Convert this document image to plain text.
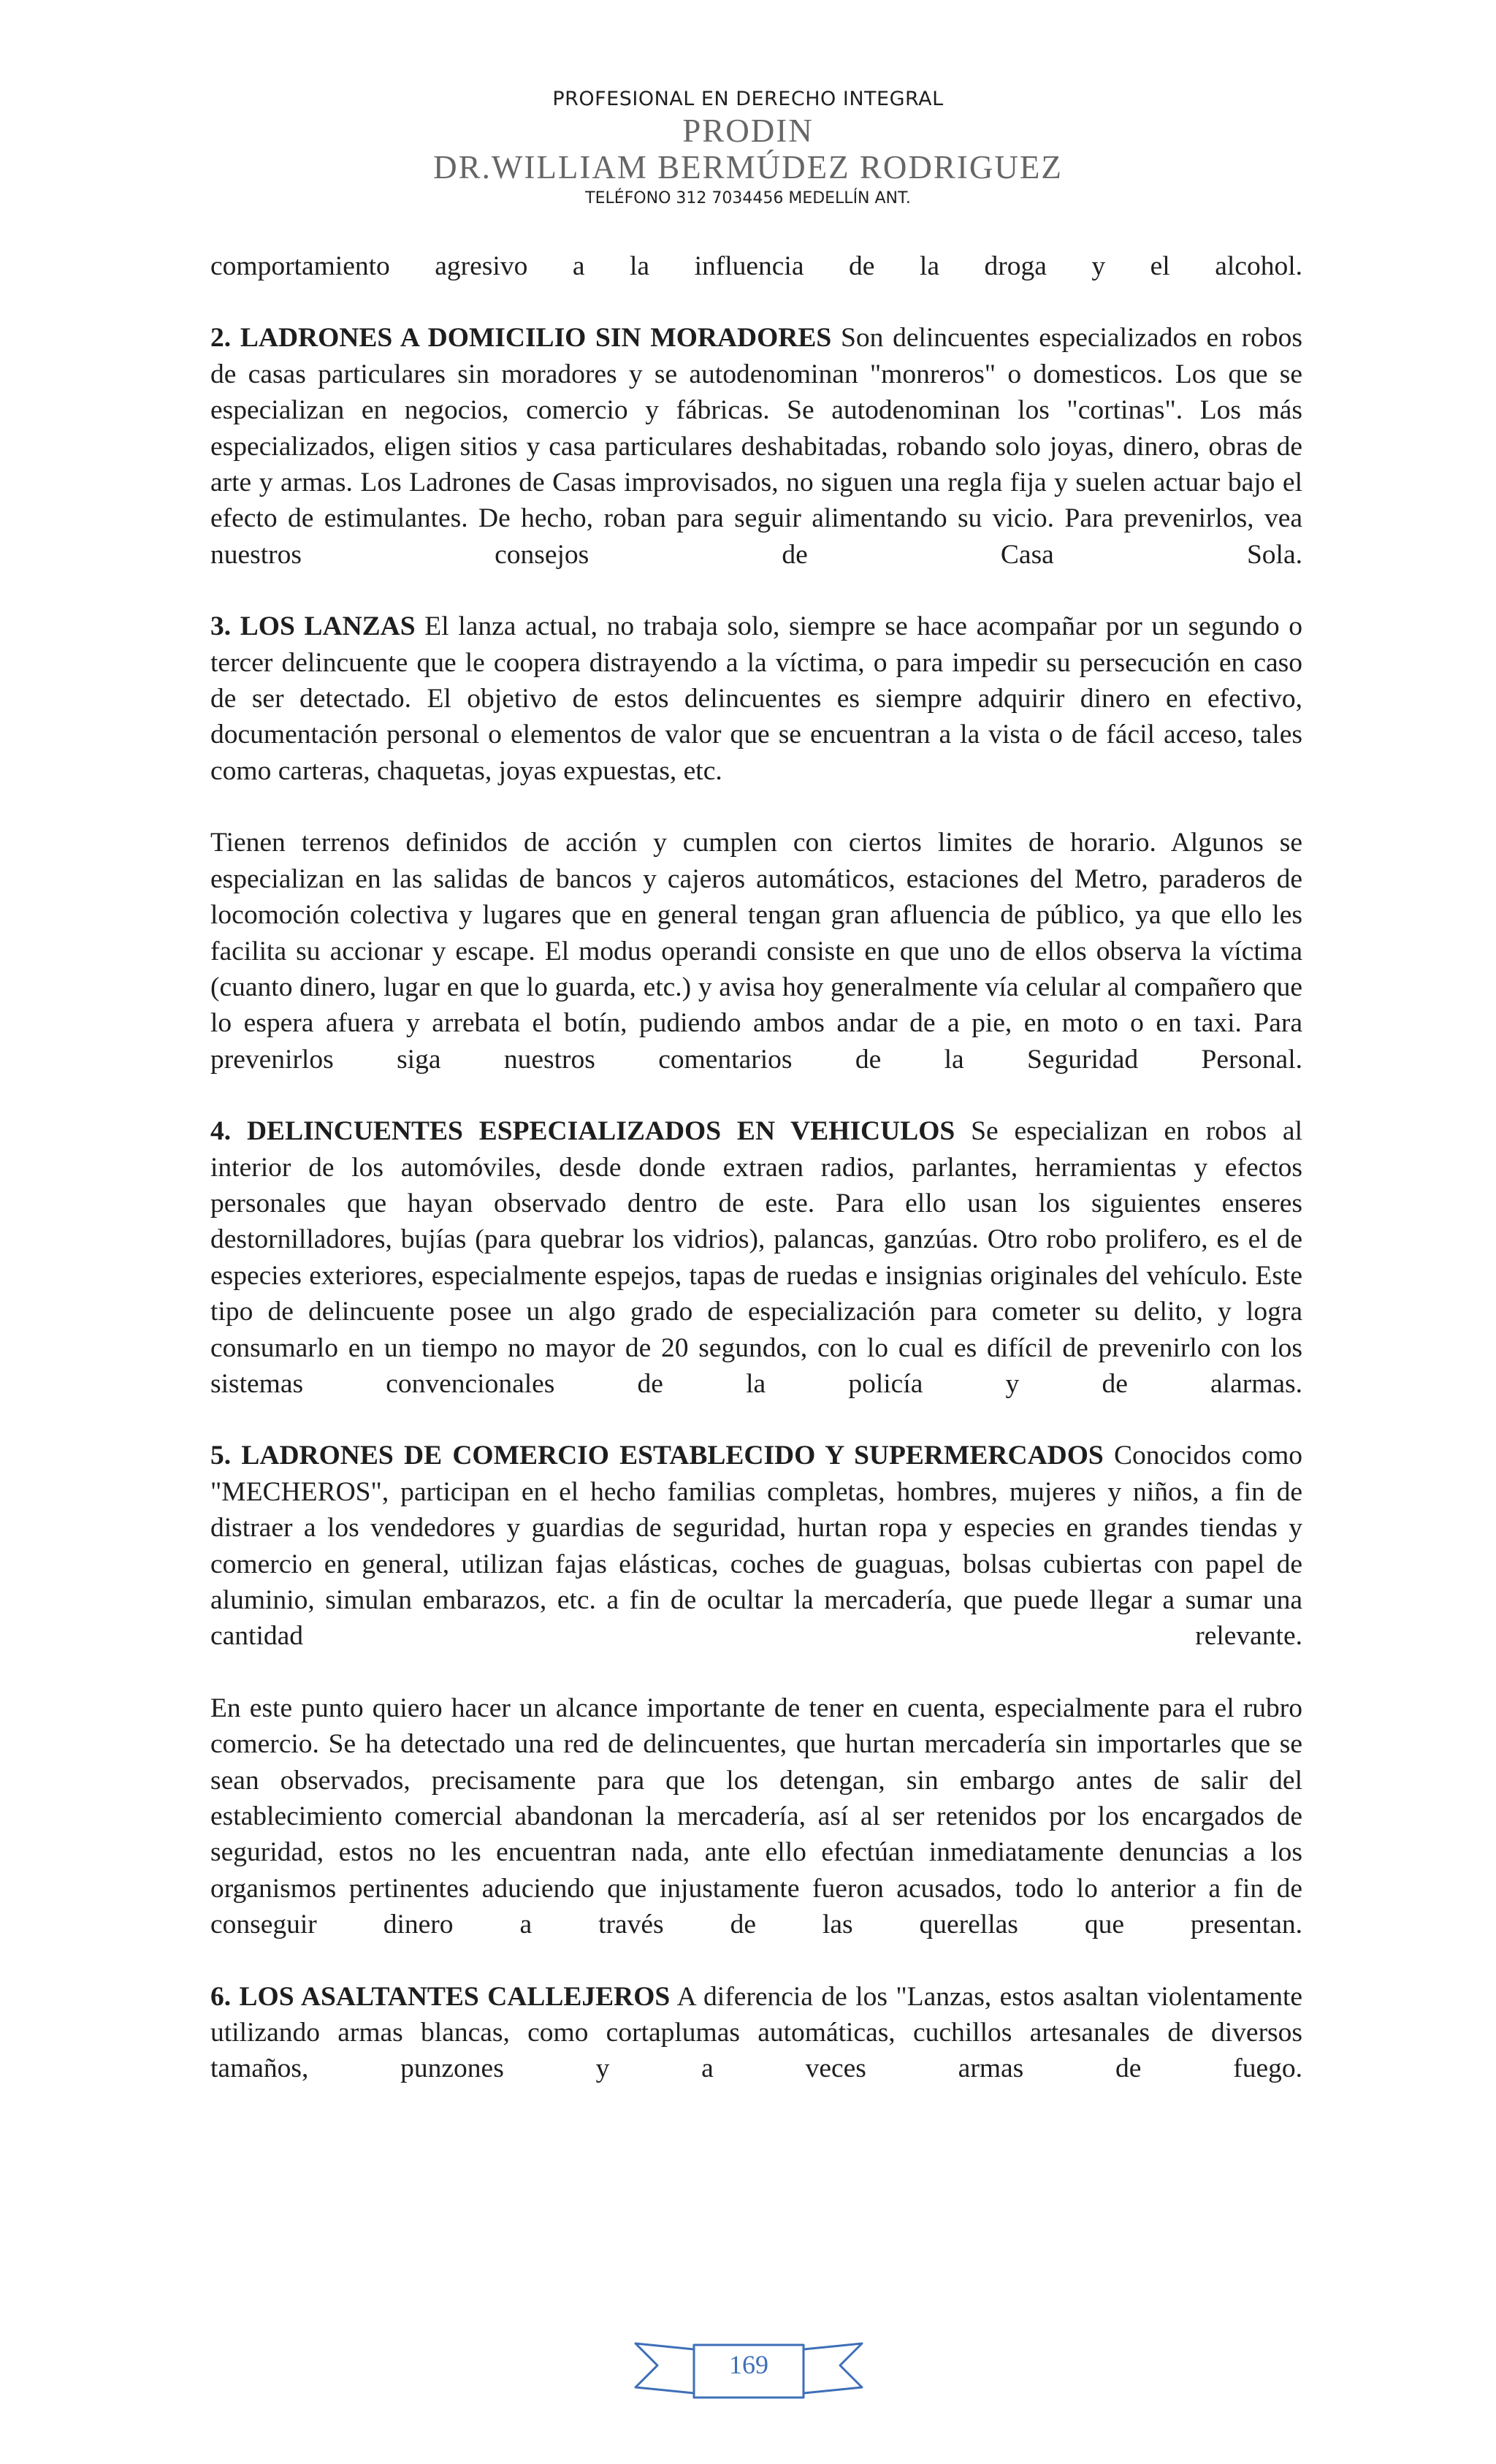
PROFESIONAL EN DERECHO INTEGRAL
PRODIN
DR.WILLIAM BERMÚDEZ RODRIGUEZ
TELÉFONO 312 7034456 MEDELLÍN ANT.

comportamiento agresivo a la influencia de la droga y el alcohol.

2. LADRONES A DOMICILIO SIN MORADORES Son delincuentes especializados en robos de casas particulares sin moradores y se autodenominan "monreros" o domesticos. Los que se especializan en negocios, comercio y fábricas. Se autodenominan los "cortinas". Los más especializados, eligen sitios y casa particulares deshabitadas, robando solo joyas, dinero, obras de arte y armas. Los Ladrones de Casas improvisados, no siguen una regla fija y suelen actuar bajo el efecto de estimulantes. De hecho, roban para seguir alimentando su vicio. Para prevenirlos, vea nuestros consejos de Casa Sola.

3. LOS LANZAS El lanza actual, no trabaja solo, siempre se hace acompañar por un segundo o tercer delincuente que le coopera distrayendo a la víctima, o para impedir su persecución en caso de ser detectado. El objetivo de estos delincuentes es siempre adquirir dinero en efectivo, documentación personal o elementos de valor que se encuentran a la vista o de fácil acceso, tales como carteras, chaquetas, joyas expuestas, etc.

Tienen terrenos definidos de acción y cumplen con ciertos limites de horario. Algunos se especializan en las salidas de bancos y cajeros automáticos, estaciones del Metro, paraderos de locomoción colectiva y lugares que en general tengan gran afluencia de público, ya que ello les facilita su accionar y escape. El modus operandi consiste en que uno de ellos observa la víctima (cuanto dinero, lugar en que lo guarda, etc.) y avisa hoy generalmente vía celular al compañero que lo espera afuera y arrebata el botín, pudiendo ambos andar de a pie, en moto o en taxi. Para prevenirlos siga nuestros comentarios de la Seguridad Personal.

4. DELINCUENTES ESPECIALIZADOS EN VEHICULOS Se especializan en robos al interior de los automóviles, desde donde extraen radios, parlantes, herramientas y efectos personales que hayan observado dentro de este. Para ello usan los siguientes enseres destornilladores, bujías (para quebrar los vidrios), palancas, ganzúas. Otro robo prolifero, es el de especies exteriores, especialmente espejos, tapas de ruedas e insignias originales del vehículo. Este tipo de delincuente posee un algo grado de especialización para cometer su delito, y logra consumarlo en un tiempo no mayor de 20 segundos, con lo cual es difícil de prevenirlo con los sistemas convencionales de la policía y de alarmas.

5. LADRONES DE COMERCIO ESTABLECIDO Y SUPERMERCADOS Conocidos como "MECHEROS", participan en el hecho familias completas, hombres, mujeres y niños, a fin de distraer a los vendedores y guardias de seguridad, hurtan ropa y especies en grandes tiendas y comercio en general, utilizan fajas elásticas, coches de guaguas, bolsas cubiertas con papel de aluminio, simulan embarazos, etc. a fin de ocultar la mercadería, que puede llegar a sumar una cantidad relevante.

En este punto quiero hacer un alcance importante de tener en cuenta, especialmente para el rubro comercio. Se ha detectado una red de delincuentes, que hurtan mercadería sin importarles que se sean observados, precisamente para que los detengan, sin embargo antes de salir del establecimiento comercial abandonan la mercadería, así al ser retenidos por los encargados de seguridad, estos no les encuentran nada, ante ello efectúan inmediatamente denuncias a los organismos pertinentes aduciendo que injustamente fueron acusados, todo lo anterior a fin de conseguir dinero a través de las querellas que presentan.

6. LOS ASALTANTES CALLEJEROS A diferencia de los "Lanzas, estos asaltan violentamente utilizando armas blancas, como cortaplumas automáticas, cuchillos artesanales de diversos tamaños, punzones y a veces armas de fuego.

169
